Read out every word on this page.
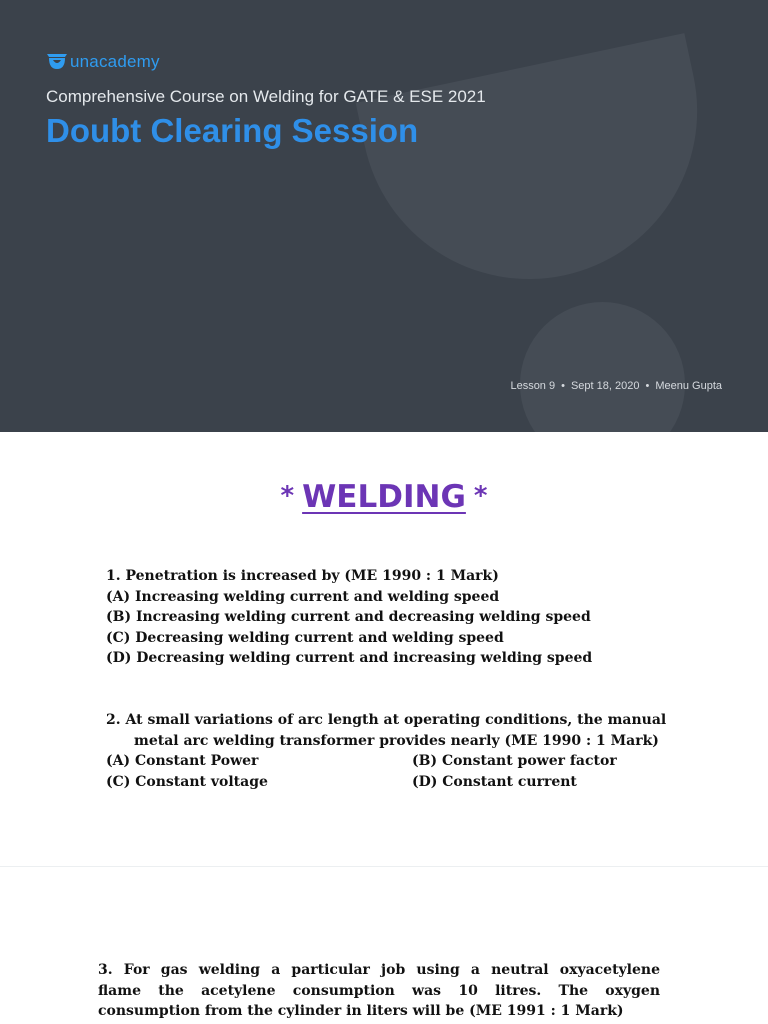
unacademy
Comprehensive Course on Welding for GATE & ESE 2021
Doubt Clearing Session
Lesson 9 • Sept 18, 2020 • Meenu Gupta
* WELDING *
1. Penetration is increased by (ME 1990 : 1 Mark)
(A) Increasing welding current and welding speed
(B) Increasing welding current and decreasing welding speed
(C) Decreasing welding current and welding speed
(D) Decreasing welding current and increasing welding speed
2. At small variations of arc length at operating conditions, the manual
metal arc welding transformer provides nearly (ME 1990 : 1 Mark)
(A) Constant Power	(B) Constant power factor
(C) Constant voltage	(D) Constant current
3. For gas welding a particular job using a neutral oxyacetylene
flame the acetylene consumption was 10 litres. The oxygen
consumption from the cylinder in liters will be (ME 1991 : 1 Mark)
